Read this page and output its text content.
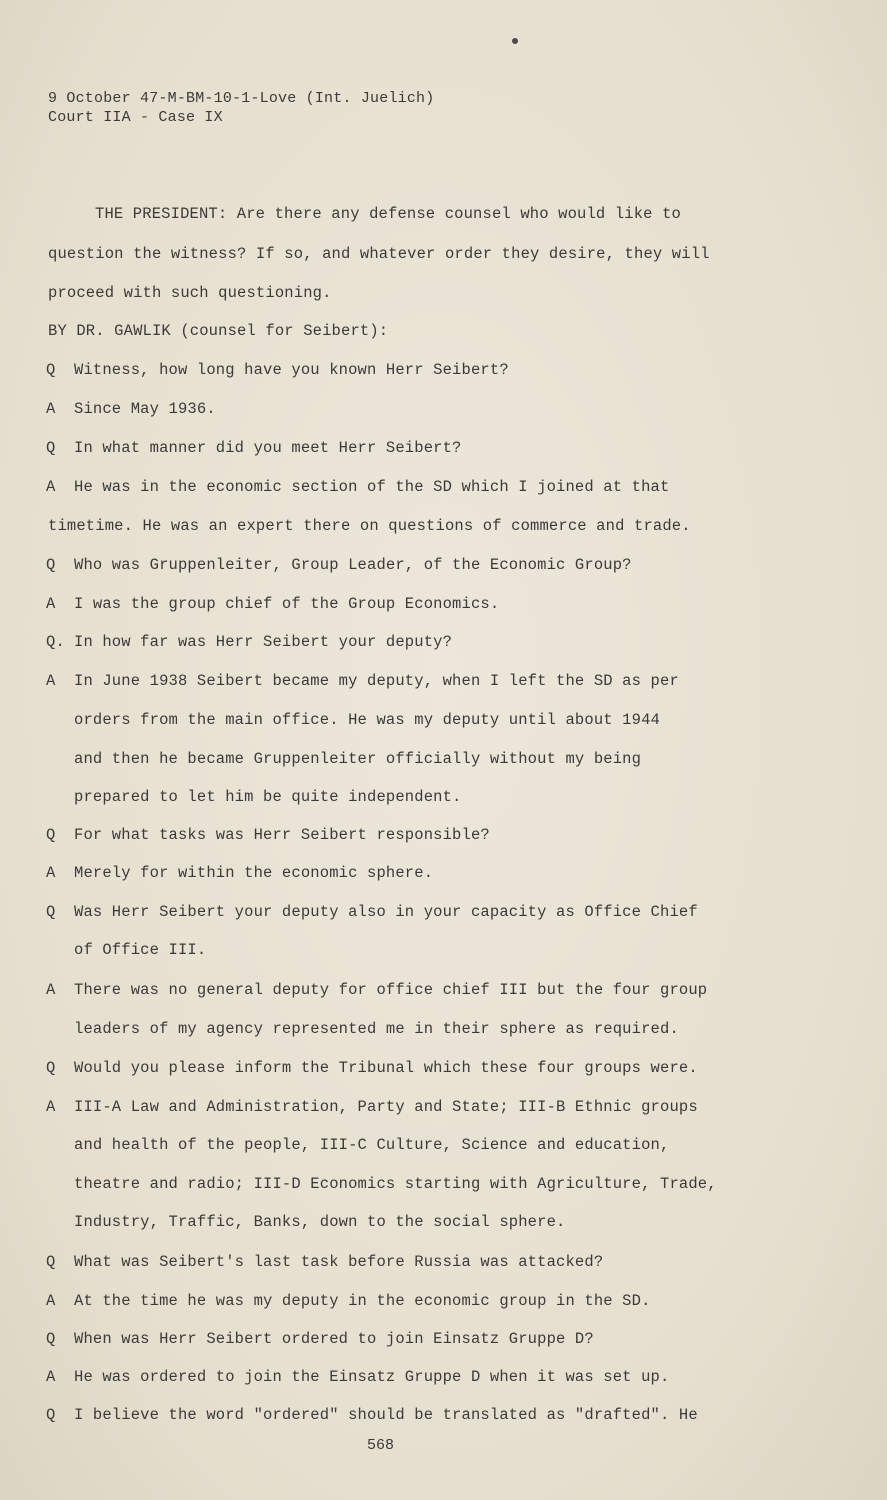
9 October 47-M-BM-10-1-Love (Int. Juelich)
Court IIA - Case IX
THE PRESIDENT: Are there any defense counsel who would like to
question the witness? If so, and whatever order they desire, they will
proceed with such questioning.
BY DR. GAWLIK (counsel for Seibert):
Q Witness, how long have you known Herr Seibert?
A Since May 1936.
Q In what manner did you meet Herr Seibert?
A He was in the economic section of the SD which I joined at that
timetime. He was an expert there on questions of commerce and trade.
Q Who was Gruppenleiter, Group Leader, of the Economic Group?
A I was the group chief of the Group Economics.
Q. In how far was Herr Seibert your deputy?
A In June 1938 Seibert became my deputy, when I left the SD as per
orders from the main office. He was my deputy until about 1944
and then he became Gruppenleiter officially without my being
prepared to let him be quite independent.
Q For what tasks was Herr Seibert responsible?
A Merely for within the economic sphere.
Q Was Herr Seibert your deputy also in your capacity as Office Chief
of Office III.
A There was no general deputy for office chief III but the four group
leaders of my agency represented me in their sphere as required.
Q Would you please inform the Tribunal which these four groups were.
A III-A Law and Administration, Party and State; III-B Ethnic groups
and health of the people, III-C Culture, Science and education,
theatre and radio; III-D Economics starting with Agriculture, Trade,
Industry, Traffic, Banks, down to the social sphere.
Q What was Seibert's last task before Russia was attacked?
A At the time he was my deputy in the economic group in the SD.
Q When was Herr Seibert ordered to join Einsatz Gruppe D?
A He was ordered to join the Einsatz Gruppe D when it was set up.
Q I believe the word "ordered" should be translated as "drafted". He
568
